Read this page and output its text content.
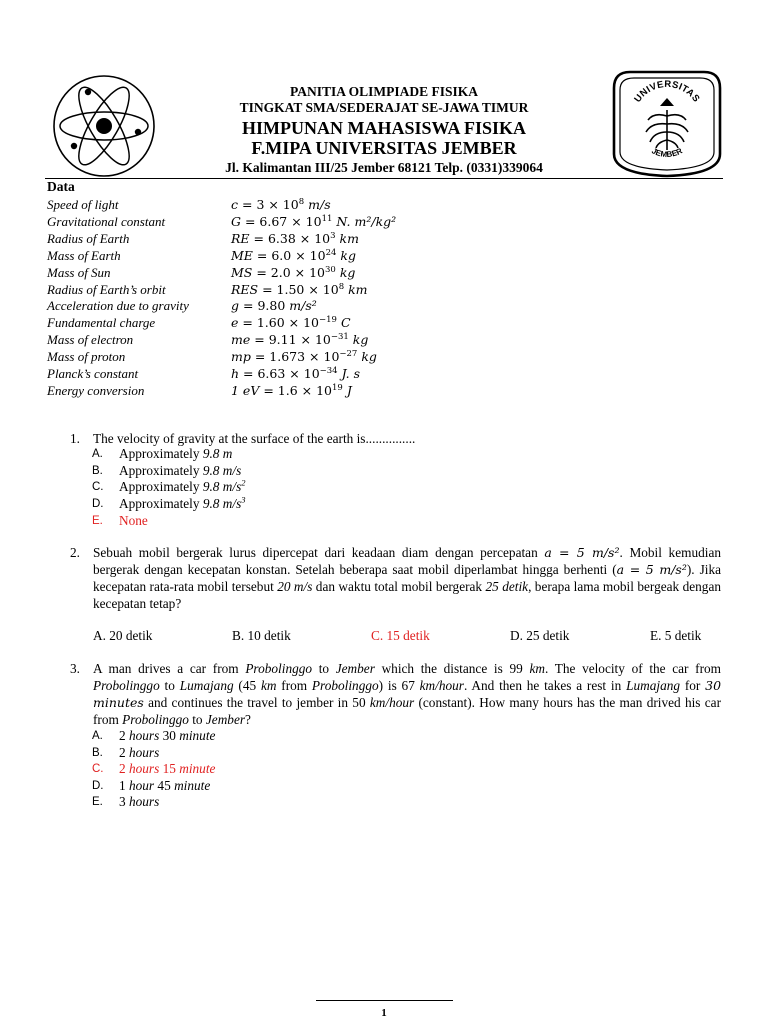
UNIVERSITAS
JEMBER
PANITIA OLIMPIADE FISIKA
TINGKAT SMA/SEDERAJAT SE-JAWA TIMUR
HIMPUNAN MAHASISWA FISIKA
F.MIPA UNIVERSITAS JEMBER
Jl. Kalimantan III/25 Jember 68121 Telp. (0331)339064
Data
Speed of light	$c = 3 \times 10^8$ m/s
Gravitational constant	$G = 6.67 \times 10^{11}$ N. m²/kg²
Radius of Earth	RE = $6.38 \times 10^3$ km
Mass of Earth	ME = $6.0 \times 10^{24}$ kg
Mass of Sun	MS = $2.0 \times 10^{30}$ kg
Radius of Earth’s orbit	RES = $1.50 \times 10^8$ km
Acceleration due to gravity	g = 9.80 m/s²
Fundamental charge	$e = 1.60 \times 10^{-19}$ C
Mass of electron	me = $9.11 \times 10^{-31}$ kg
Mass of proton	mp = $1.673 \times 10^{-27}$ kg
Planck’s constant	$h = 6.63 \times 10^{-34}$ J. s
Energy conversion	1 eV = $1.6 \times 10^{19}$ J
1. The velocity of gravity at the surface of the earth is...............
A. Approximately 9.8 m
B. Approximately 9.8 m/s
C. Approximately 9.8 $m/s^2$
D. Approximately 9.8 $m/s^3$
E. None
2. Sebuah mobil bergerak lurus dipercepat dari keadaan diam dengan percepatan a = 5 m/s². Mobil kemudian bergerak dengan kecepatan konstan. Setelah beberapa saat mobil diperlambat hingga berhenti (a = 5 m/s²). Jika kecepatan rata-rata mobil tersebut 20 m/s dan waktu total mobil bergerak 25 detik, berapa lama mobil bergeak dengan kecepatan tetap?
A. 20 detik	B. 10 detik	C. 15 detik	D. 25 detik	E. 5 detik
3. A man drives a car from Probolinggo to Jember which the distance is 99 km. The velocity of the car from Probolinggo to Lumajang (45 km from Probolinggo) is 67 km/hour. And then he takes a rest in Lumajang for 30 minutes and continues the travel to jember in 50 km/hour (constant). How many hours has the man drived his car from Probolinggo to Jember?
A. 2 hours 30 minute
B. 2 hours
C. 2 hours 15 minute
D. 1 hour 45 minute
E. 3 hours
1
